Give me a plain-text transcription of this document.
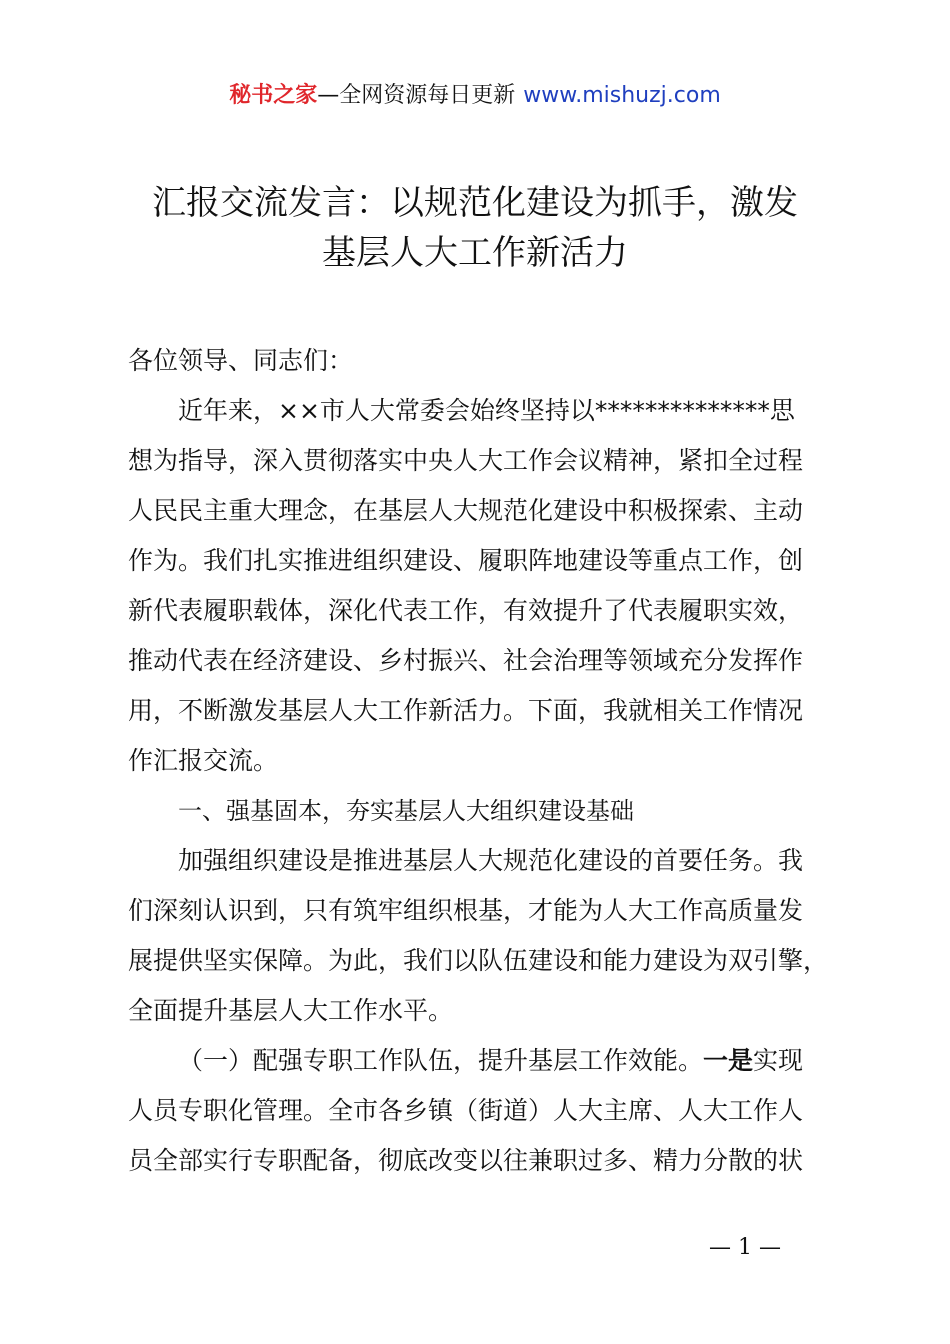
秘书之家—全网资源每日更新 www.mishuzj.com
汇报交流发言：以规范化建设为抓手，激发
基层人大工作新活力

各位领导、同志们：

近年来，××市人大常委会始终坚持以**************思
想为指导，深入贯彻落实中央人大工作会议精神，紧扣全过程
人民民主重大理念，在基层人大规范化建设中积极探索、主动
作为。我们扎实推进组织建设、履职阵地建设等重点工作，创
新代表履职载体，深化代表工作，有效提升了代表履职实效，
推动代表在经济建设、乡村振兴、社会治理等领域充分发挥作
用，不断激发基层人大工作新活力。下面，我就相关工作情况
作汇报交流。

一、强基固本，夯实基层人大组织建设基础

加强组织建设是推进基层人大规范化建设的首要任务。我
们深刻认识到，只有筑牢组织根基，才能为人大工作高质量发
展提供坚实保障。为此，我们以队伍建设和能力建设为双引擎，
全面提升基层人大工作水平。

（一）配强专职工作队伍，提升基层工作效能。一是实现
人员专职化管理。全市各乡镇（街道）人大主席、人大工作人
员全部实行专职配备，彻底改变以往兼职过多、精力分散的状

— 1 —
